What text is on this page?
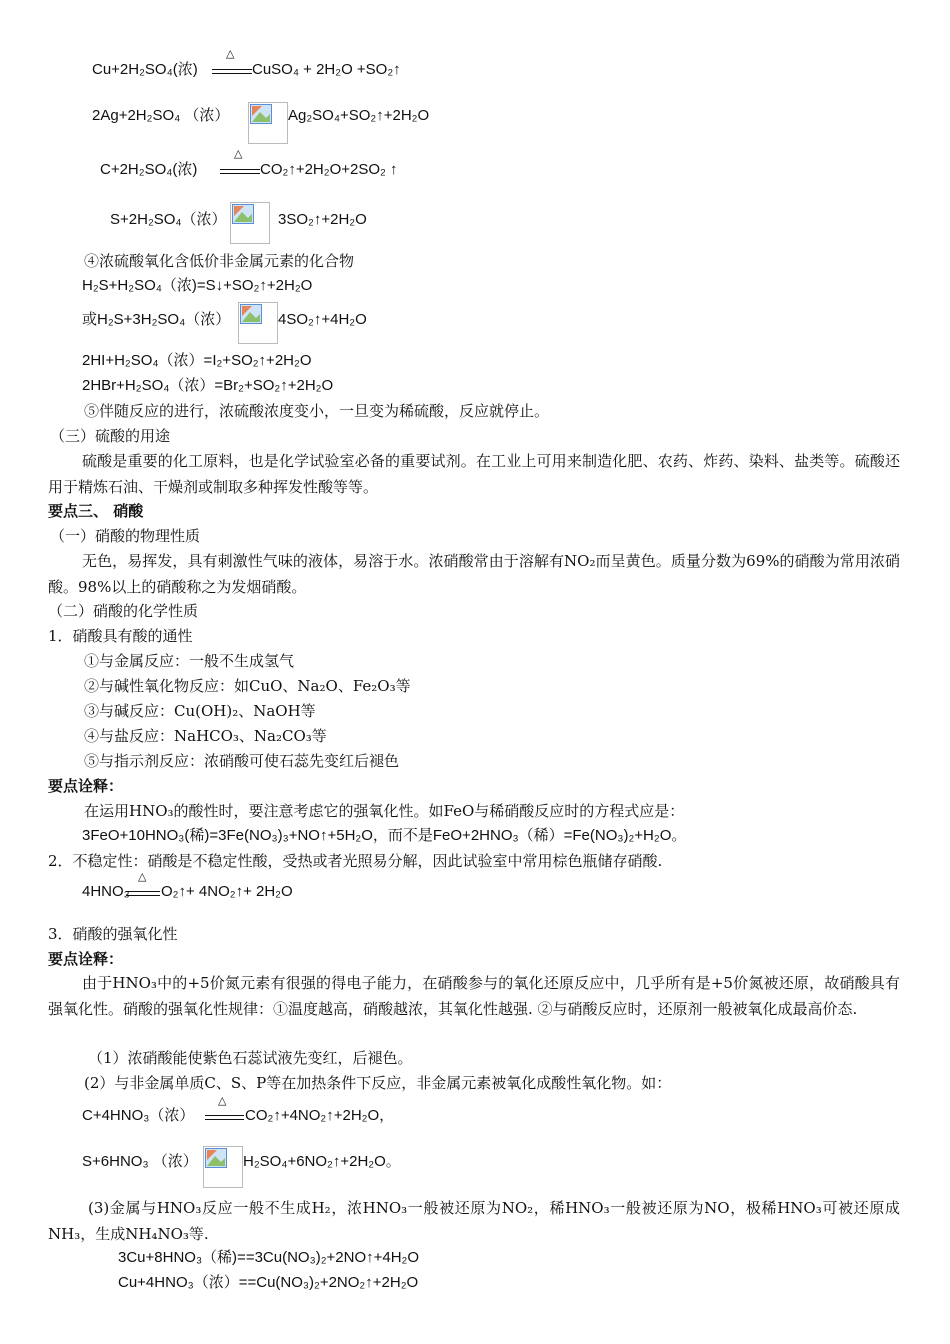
Cu+2H₂SO₄(浓)
△
CuSO₄ + 2H₂O +SO₂↑
2Ag+2H₂SO₄ （浓）	Ag₂SO₄+SO₂↑+2H₂O
C+2H₂SO₄(浓)
△
CO₂↑+2H₂O+2SO₂ ↑
S+2H₂SO₄（浓）	3SO₂↑+2H₂O
④浓硫酸氧化含低价非金属元素的化合物
H₂S+H₂SO₄（浓)=S↓+SO₂↑+2H₂O
或H₂S+3H₂SO₄（浓）	4SO₂↑+4H₂O
2HI+H₂SO₄（浓）=I₂+SO₂↑+2H₂O
2HBr+H₂SO₄（浓）=Br₂+SO₂↑+2H₂O
⑤伴随反应的进行，浓硫酸浓度变小，一旦变为稀硫酸，反应就停止。
（三）硫酸的用途
硫酸是重要的化工原料，也是化学试验室必备的重要试剂。在工业上可用来制造化肥、农药、炸药、染料、盐类等。硫酸还用于精炼石油、干燥剂或制取多种挥发性酸等等。
要点三、 硝酸
（一）硝酸的物理性质
无色，易挥发，具有刺激性气味的液体，易溶于水。浓硝酸常由于溶解有NO₂而呈黄色。质量分数为69%的硝酸为常用浓硝酸。98%以上的硝酸称之为发烟硝酸。
（二）硝酸的化学性质
1．硝酸具有酸的通性
①与金属反应：一般不生成氢气
②与碱性氧化物反应：如CuO、Na₂O、Fe₂O₃等
③与碱反应：Cu(OH)₂、NaOH等
④与盐反应：NaHCO₃、Na₂CO₃等
⑤与指示剂反应：浓硝酸可使石蕊先变红后褪色
要点诠释：
在运用HNO₃的酸性时，要注意考虑它的强氧化性。如FeO与稀硝酸反应时的方程式应是：
3FeO+10HNO₃(稀)=3Fe(NO₃)₃+NO↑+5H₂O，而不是FeO+2HNO₃（稀）=Fe(NO₃)₂+H₂O。
2．不稳定性：硝酸是不稳定性酸，受热或者光照易分解，因此试验室中常用棕色瓶储存硝酸.
4HNO₃
△
O₂↑+ 4NO₂↑+ 2H₂O
3．硝酸的强氧化性
要点诠释：
由于HNO₃中的+5价氮元素有很强的得电子能力，在硝酸参与的氧化还原反应中，几乎所有是+5价氮被还原，故硝酸具有强氧化性。硝酸的强氧化性规律：①温度越高，硝酸越浓，其氧化性越强. ②与硝酸反应时，还原剂一般被氧化成最高价态.
（1）浓硝酸能使紫色石蕊试液先变红，后褪色。
(2）与非金属单质C、S、P等在加热条件下反应，非金属元素被氧化成酸性氧化物。如：
C+4HNO₃（浓）
△
CO₂↑+4NO₂↑+2H₂O，
S+6HNO₃ （浓）	H₂SO₄+6NO₂↑+2H₂O。
(3)金属与HNO₃反应一般不生成H₂，浓HNO₃一般被还原为NO₂，稀HNO₃一般被还原为NO，极稀HNO₃可被还原成NH₃，生成NH₄NO₃等.
3Cu+8HNO₃（稀)==3Cu(NO₃)₂+2NO↑+4H₂O
Cu+4HNO₃（浓）==Cu(NO₃)₂+2NO₂↑+2H₂O
